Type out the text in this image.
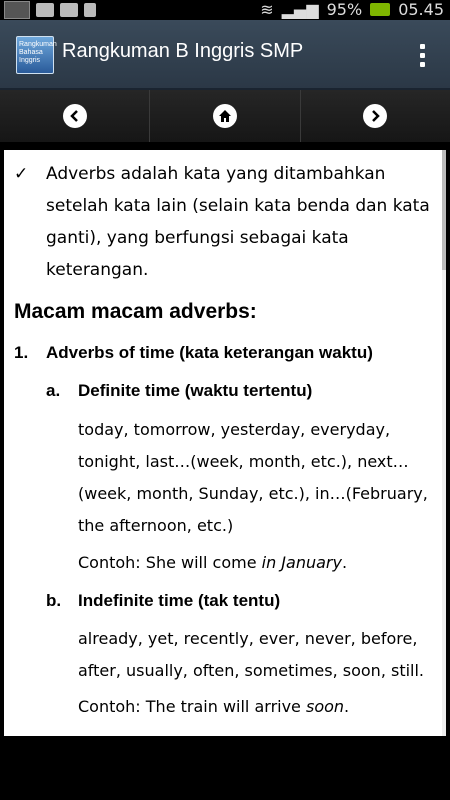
≋ ▂▄▆ 95% 05.45
Rangkuman Bahasa Inggris	Rangkuman B Inggris SMP
✓ Adverbs adalah kata yang ditambahkan setelah kata lain (selain kata benda dan kata ganti), yang berfungsi sebagai kata keterangan.
Macam macam adverbs:
1. Adverbs of time (kata keterangan waktu)
a. Definite time (waktu tertentu)
today, tomorrow, yesterday, everyday, tonight, last…(week, month, etc.), next…(week, month, Sunday, etc.), in…(February, the afternoon, etc.)
Contoh: She will come in January.
b. Indefinite time (tak tentu)
already, yet, recently, ever, never, before, after, usually, often, sometimes, soon, still.
Contoh: The train will arrive soon.
